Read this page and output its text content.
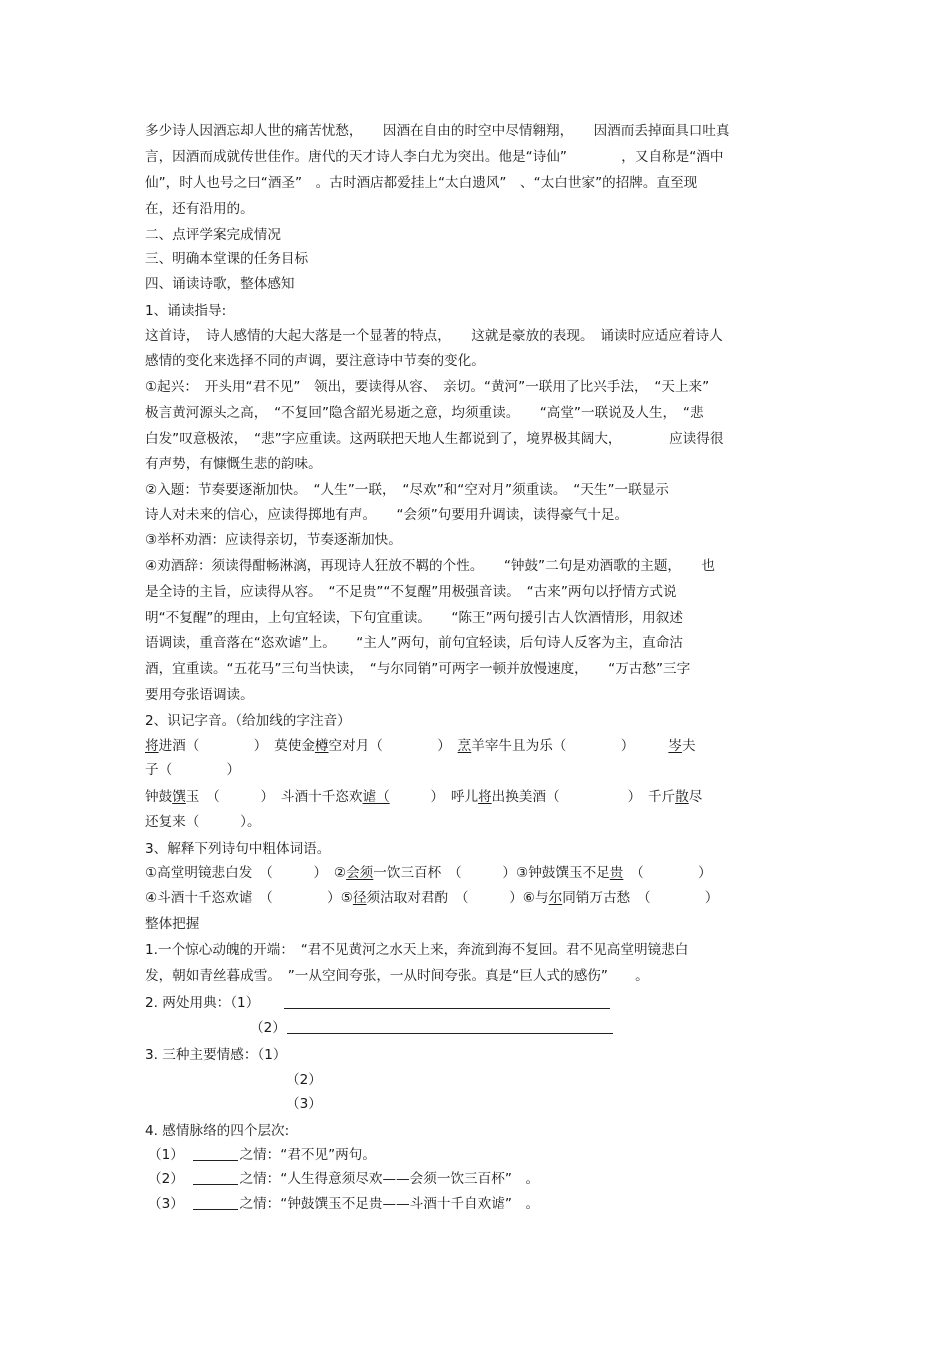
多少诗人因酒忘却人世的痛苦忧愁，　　因酒在自由的时空中尽情翱翔，　　因酒而丢掉面具口吐真
言，因酒而成就传世佳作。唐代的天才诗人李白尤为突出。他是“诗仙”　　　　，又自称是“酒中
仙”，时人也号之曰“酒圣”　。古时酒店都爱挂上“太白遗风”　、“太白世家”的招牌。直至现
在，还有沿用的。
二、点评学案完成情况
三、明确本堂课的任务目标
四、诵读诗歌，整体感知
1、诵读指导:
这首诗，　诗人感情的大起大落是一个显著的特点，　　这就是豪放的表现。　诵读时应适应着诗人
感情的变化来选择不同的声调，要注意诗中节奏的变化。
①起兴：　开头用“君不见”　领出，要读得从容、　亲切。“黄河”一联用了比兴手法，　“天上来”
极言黄河源头之高，　“不复回”隐含韶光易逝之意，均须重读。　　“高堂”一联说及人生，　“悲
白发”叹意极浓，　“悲”字应重读。这两联把天地人生都说到了，境界极其阔大，　　　　应读得很
有声势，有慷慨生悲的韵味。
②入题：节奏要逐渐加快。　“人生”一联，　“尽欢”和“空对月”须重读。　“天生”一联显示
诗人对未来的信心，应读得掷地有声。　　“会须”句要用升调读，读得豪气十足。
③举杯劝酒：应读得亲切，节奏逐渐加快。
④劝酒辞：须读得酣畅淋漓，再现诗人狂放不羁的个性。　　“钟鼓”二句是劝酒歌的主题，　　也
是全诗的主旨，应读得从容。　“不足贵”“不复醒”用极强音读。　“古来”两句以抒情方式说
明“不复醒”的理由，上句宜轻读，下句宜重读。　　“陈王”两句援引古人饮酒情形，用叙述
语调读，重音落在“恣欢谑”上。　　“主人”两句，前句宜轻读，后句诗人反客为主，直命沽
酒，宜重读。“五花马”三句当快读，　“与尔同销”可两字一顿并放慢速度，　　“万古愁”三字
要用夸张语调读。
2、识记字音。（给加线的字注音）
将进酒（　　　　）　莫使金樽空对月（　　　　）　烹羊宰牛且为乐（　　　　）　　　岑夫
子（　　　　）
钟鼓馔玉　（　　　）　斗酒十千恣欢谑（　　　）　呼儿将出换美酒（　　　　　）　千斤散尽
还复来（　　　）。
3、解释下列诗句中粗体词语。
①高堂明镜悲白发　（　　　）　②会须一饮三百杯　（　　　）③钟鼓馔玉不足贵　（　　　　）
④斗酒十千恣欢谑　（　　　　）⑤径须沽取对君酌　（　　　）⑥与尔同销万古愁　（　　　　）
整体把握
1.一个惊心动魄的开端：　“君不见黄河之水天上来，奔流到海不复回。君不见高堂明镜悲白
发，朝如青丝暮成雪。　”一从空间夸张，一从时间夸张。真是“巨人式的感伤”　　。
2. 两处用典：（1）
（2）
3. 三种主要情感：（1）
（2）
（3）
4. 感情脉络的四个层次:
（1）	之情：“君不见”两句。
（2）	之情：“人生得意须尽欢——会须一饮三百杯”　。
（3）	之情：“钟鼓馔玉不足贵——斗酒十千自欢谑”　。
